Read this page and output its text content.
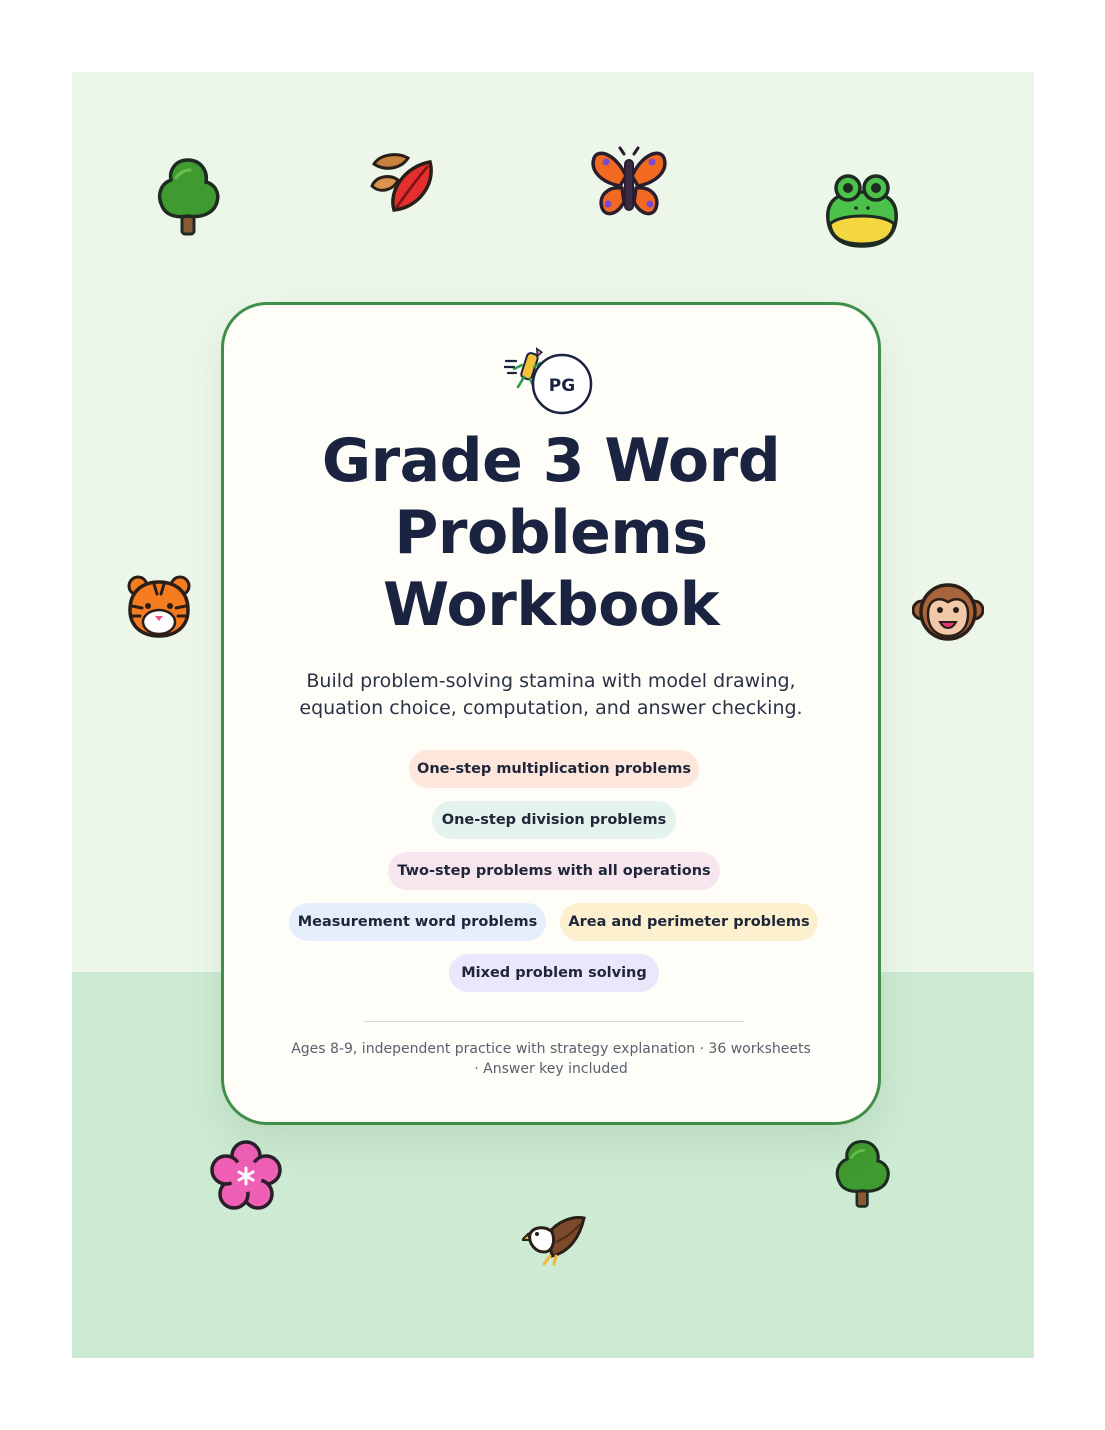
PG
Grade 3 Word
Problems
Workbook

Build problem-solving stamina with model drawing,
equation choice, computation, and answer checking.

One-step multiplication problems
One-step division problems
Two-step problems with all operations
Measurement word problems	Area and perimeter problems
Mixed problem solving

Ages 8-9, independent practice with strategy explanation · 36 worksheets
· Answer key included
